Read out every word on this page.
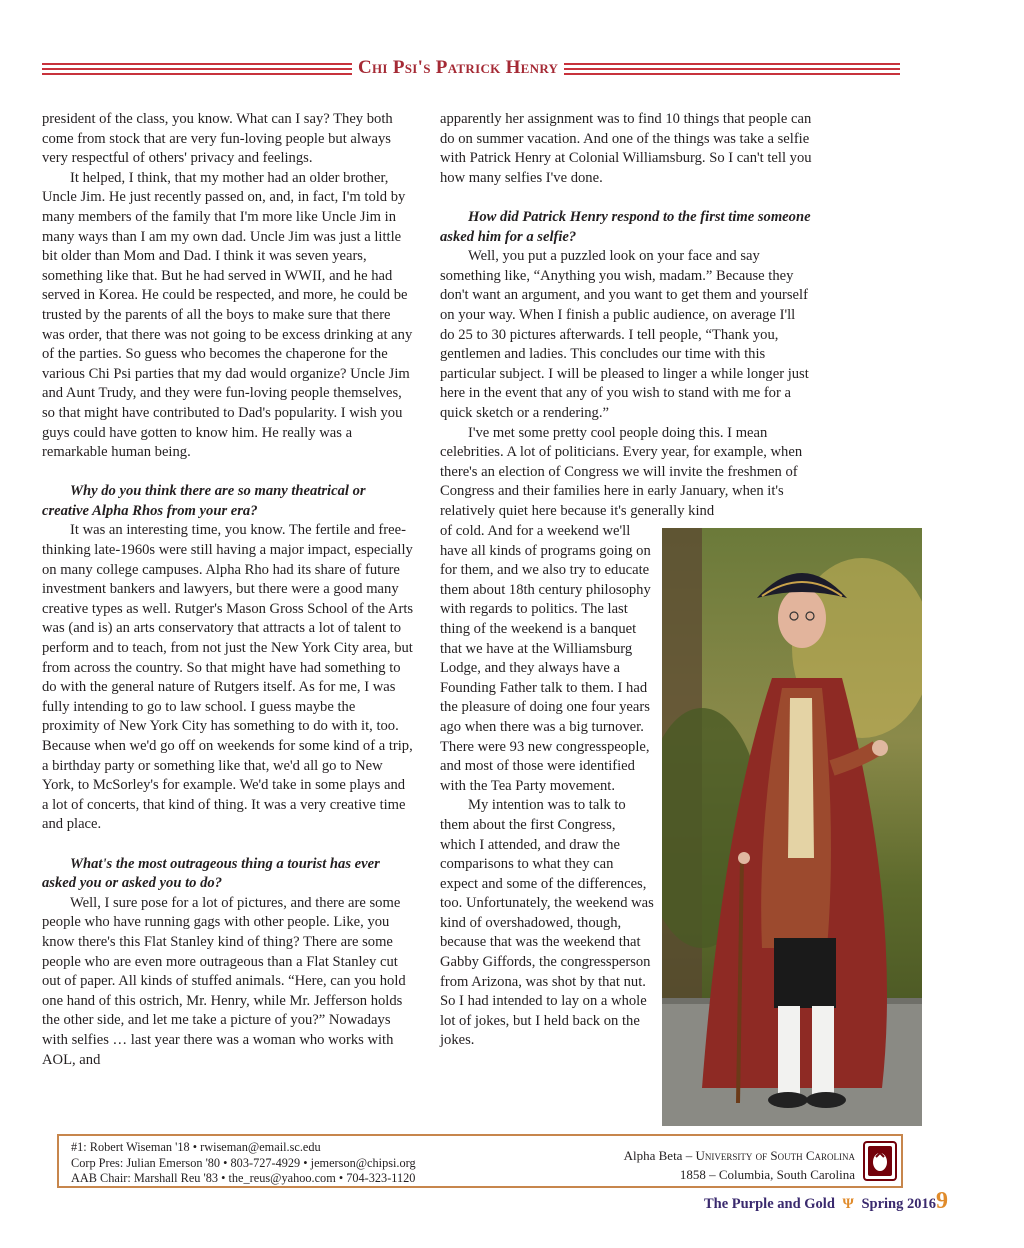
Chi Psi's Patrick Henry

president of the class, you know. What can I say? They both come from stock that are very fun-loving people but always very respectful of others' privacy and feelings.

It helped, I think, that my mother had an older brother, Uncle Jim. He just recently passed on, and, in fact, I'm told by many members of the family that I'm more like Uncle Jim in many ways than I am my own dad. Uncle Jim was just a little bit older than Mom and Dad. I think it was seven years, something like that. But he had served in WWII, and he had served in Korea. He could be respected, and more, he could be trusted by the parents of all the boys to make sure that there was order, that there was not going to be excess drinking at any of the parties. So guess who becomes the chaperone for the various Chi Psi parties that my dad would organize? Uncle Jim and Aunt Trudy, and they were fun-loving people themselves, so that might have contributed to Dad's popularity. I wish you guys could have gotten to know him. He really was a remarkable human being.

Why do you think there are so many theatrical or creative Alpha Rhos from your era?

It was an interesting time, you know. The fertile and free-thinking late-1960s were still having a major impact, especially on many college campuses. Alpha Rho had its share of future investment bankers and lawyers, but there were a good many creative types as well. Rutger's Mason Gross School of the Arts was (and is) an arts conservatory that attracts a lot of talent to perform and to teach, from not just the New York City area, but from across the country. So that might have had something to do with the general nature of Rutgers itself. As for me, I was fully intending to go to law school. I guess maybe the proximity of New York City has something to do with it, too. Because when we'd go off on weekends for some kind of a trip, a birthday party or something like that, we'd all go to New York, to McSorley's for example. We'd take in some plays and a lot of concerts, that kind of thing. It was a very creative time and place.

What's the most outrageous thing a tourist has ever asked you or asked you to do?

Well, I sure pose for a lot of pictures, and there are some people who have running gags with other people. Like, you know there's this Flat Stanley kind of thing? There are some people who are even more outrageous than a Flat Stanley cut out of paper. All kinds of stuffed animals. “Here, can you hold one hand of this ostrich, Mr. Henry, while Mr. Jefferson holds the other side, and let me take a picture of you?” Nowadays with selfies … last year there was a woman who works with AOL, and

apparently her assignment was to find 10 things that people can do on summer vacation. And one of the things was take a selfie with Patrick Henry at Colonial Williamsburg. So I can't tell you how many selfies I've done.

How did Patrick Henry respond to the first time someone asked him for a selfie?

Well, you put a puzzled look on your face and say something like, “Anything you wish, madam.” Because they don't want an argument, and you want to get them and yourself on your way. When I finish a public audience, on average I'll do 25 to 30 pictures afterwards. I tell people, “Thank you, gentlemen and ladies. This concludes our time with this particular subject. I will be pleased to linger a while longer just here in the event that any of you wish to stand with me for a quick sketch or a rendering.”

I've met some pretty cool people doing this. I mean celebrities. A lot of politicians. Every year, for example, when there's an election of Congress we will invite the freshmen of Congress and their families here in early January, when it's relatively quiet here because it's generally kind

of cold. And for a weekend we'll have all kinds of programs going on for them, and we also try to educate them about 18th century philosophy with regards to politics. The last thing of the weekend is a banquet that we have at the Williamsburg Lodge, and they always have a Founding Father talk to them. I had the pleasure of doing one four years ago when there was a big turnover. There were 93 new congresspeople, and most of those were identified with the Tea Party movement.

My intention was to talk to them about the first Congress, which I attended, and draw the comparisons to what they can expect and some of the differences, too. Unfortunately, the weekend was kind of overshadowed, though, because that was the weekend that Gabby Giffords, the congressperson from Arizona, was shot by that nut. So I had intended to lay on a whole lot of jokes, but I held back on the jokes.

#1: Robert Wiseman '18 • rwiseman@email.sc.edu
Corp Pres: Julian Emerson '80 • 803-727-4929 • jemerson@chipsi.org
AAB Chair: Marshall Reu '83 • the_reus@yahoo.com • 704-323-1120
Alpha Beta – University of South Carolina
1858 – Columbia, South Carolina
The Purple and Gold Ψ Spring 2016 9
